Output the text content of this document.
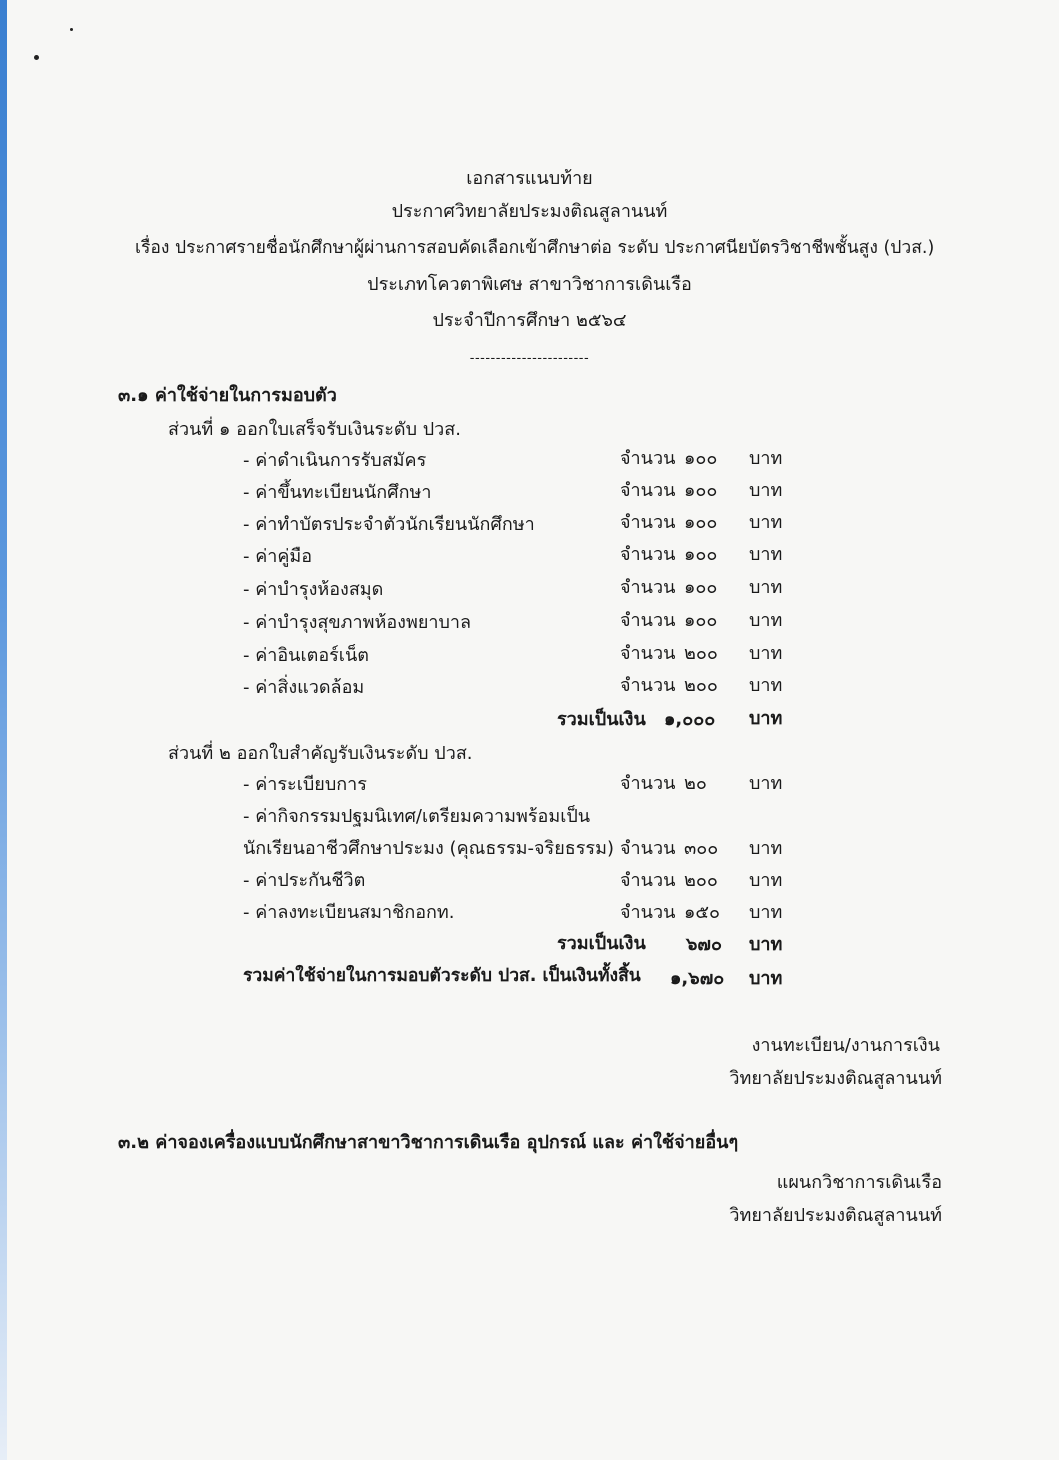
เอกสารแนบท้าย
ประกาศวิทยาลัยประมงติณสูลานนท์
เรื่อง ประกาศรายชื่อนักศึกษาผู้ผ่านการสอบคัดเลือกเข้าศึกษาต่อ ระดับ ประกาศนียบัตรวิชาชีพชั้นสูง (ปวส.)
ประเภทโควตาพิเศษ สาขาวิชาการเดินเรือ
ประจำปีการศึกษา ๒๕๖๔
-----------------------
๓.๑ ค่าใช้จ่ายในการมอบตัว
ส่วนที่ ๑ ออกใบเสร็จรับเงินระดับ ปวส.
- ค่าดำเนินการรับสมัคร	จำนวน ๑๐๐ บาท
- ค่าขึ้นทะเบียนนักศึกษา	จำนวน ๑๐๐ บาท
- ค่าทำบัตรประจำตัวนักเรียนนักศึกษา	จำนวน ๑๐๐ บาท
- ค่าคู่มือ	จำนวน ๑๐๐ บาท
- ค่าบำรุงห้องสมุด	จำนวน ๑๐๐ บาท
- ค่าบำรุงสุขภาพห้องพยาบาล	จำนวน ๑๐๐ บาท
- ค่าอินเตอร์เน็ต	จำนวน ๒๐๐ บาท
- ค่าสิ่งแวดล้อม	จำนวน ๒๐๐ บาท
รวมเป็นเงิน ๑,๐๐๐ บาท
ส่วนที่ ๒ ออกใบสำคัญรับเงินระดับ ปวส.
- ค่าระเบียบการ	จำนวน ๒๐ บาท
- ค่ากิจกรรมปฐมนิเทศ/เตรียมความพร้อมเป็น
นักเรียนอาชีวศึกษาประมง (คุณธรรม-จริยธรรม) จำนวน ๓๐๐ บาท
- ค่าประกันชีวิต	จำนวน ๒๐๐ บาท
- ค่าลงทะเบียนสมาชิกอกท.	จำนวน ๑๕๐ บาท
รวมเป็นเงิน ๖๗๐ บาท
รวมค่าใช้จ่ายในการมอบตัวระดับ ปวส. เป็นเงินทั้งสิ้น ๑,๖๗๐ บาท
งานทะเบียน/งานการเงิน
วิทยาลัยประมงติณสูลานนท์
๓.๒ ค่าจองเครื่องแบบนักศึกษาสาขาวิชาการเดินเรือ อุปกรณ์ และ ค่าใช้จ่ายอื่นๆ
แผนกวิชาการเดินเรือ
วิทยาลัยประมงติณสูลานนท์
